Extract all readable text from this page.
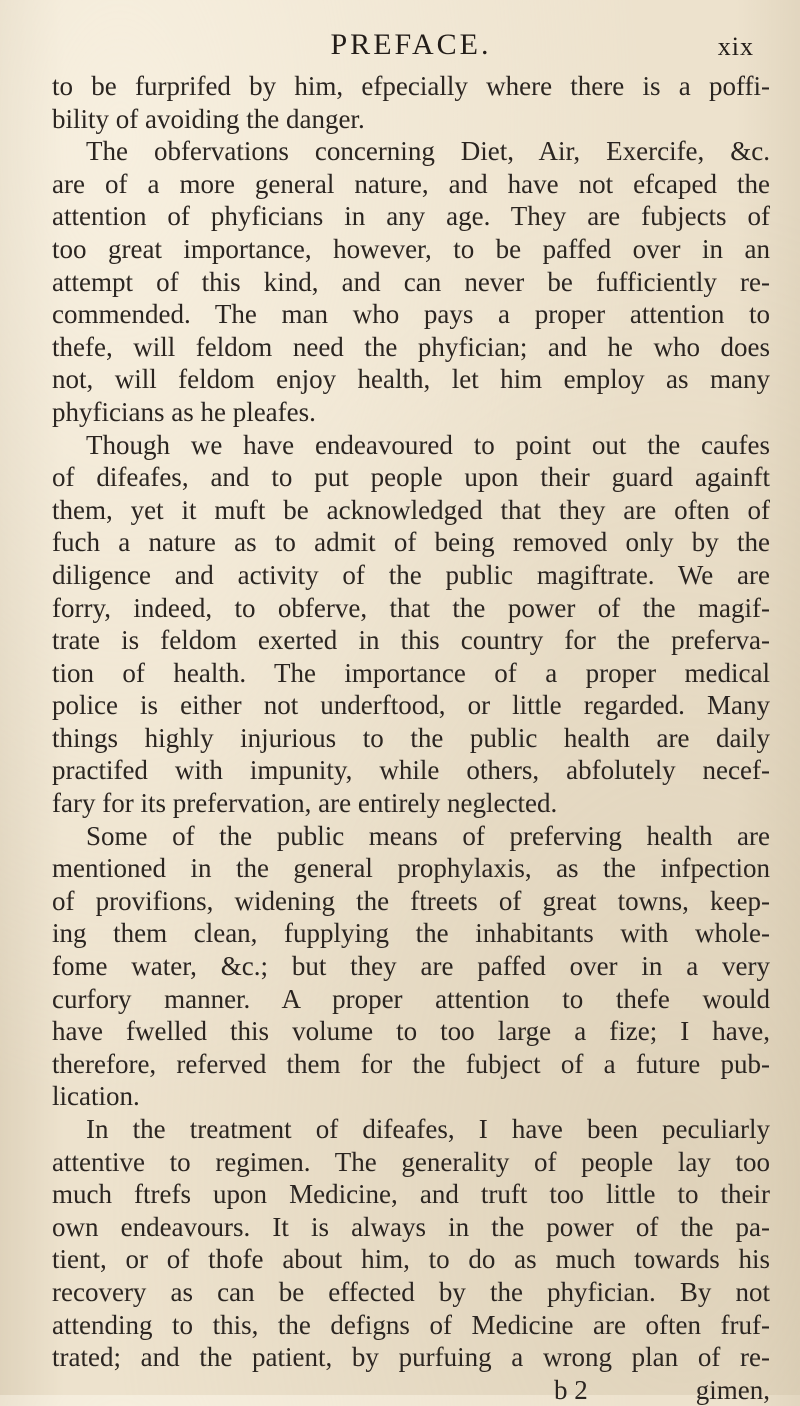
PREFACE.	xix
to be furprifed by him, efpecially where there is a poffi-
bility of avoiding the danger.
The obfervations concerning Diet, Air, Exercife, &c.
are of a more general nature, and have not efcaped the
attention of phyficians in any age. They are fubjects of
too great importance, however, to be paffed over in an
attempt of this kind, and can never be fufficiently re-
commended. The man who pays a proper attention to
thefe, will feldom need the phyfician; and he who does
not, will feldom enjoy health, let him employ as many
phyficians as he pleafes.
Though we have endeavoured to point out the caufes
of difeafes, and to put people upon their guard againft
them, yet it muft be acknowledged that they are often of
fuch a nature as to admit of being removed only by the
diligence and activity of the public magiftrate. We are
forry, indeed, to obferve, that the power of the magif-
trate is feldom exerted in this country for the preferva-
tion of health. The importance of a proper medical
police is either not underftood, or little regarded. Many
things highly injurious to the public health are daily
practifed with impunity, while others, abfolutely necef-
fary for its prefervation, are entirely neglected.
Some of the public means of preferving health are
mentioned in the general prophylaxis, as the infpection
of provifions, widening the ftreets of great towns, keep-
ing them clean, fupplying the inhabitants with whole-
fome water, &c.; but they are paffed over in a very
curfory manner. A proper attention to thefe would
have fwelled this volume to too large a fize; I have,
therefore, referved them for the fubject of a future pub-
lication.
In the treatment of difeafes, I have been peculiarly
attentive to regimen. The generality of people lay too
much ftrefs upon Medicine, and truft too little to their
own endeavours. It is always in the power of the pa-
tient, or of thofe about him, to do as much towards his
recovery as can be effected by the phyfician. By not
attending to this, the defigns of Medicine are often fruf-
trated; and the patient, by purfuing a wrong plan of re-
b 2                gimen,
